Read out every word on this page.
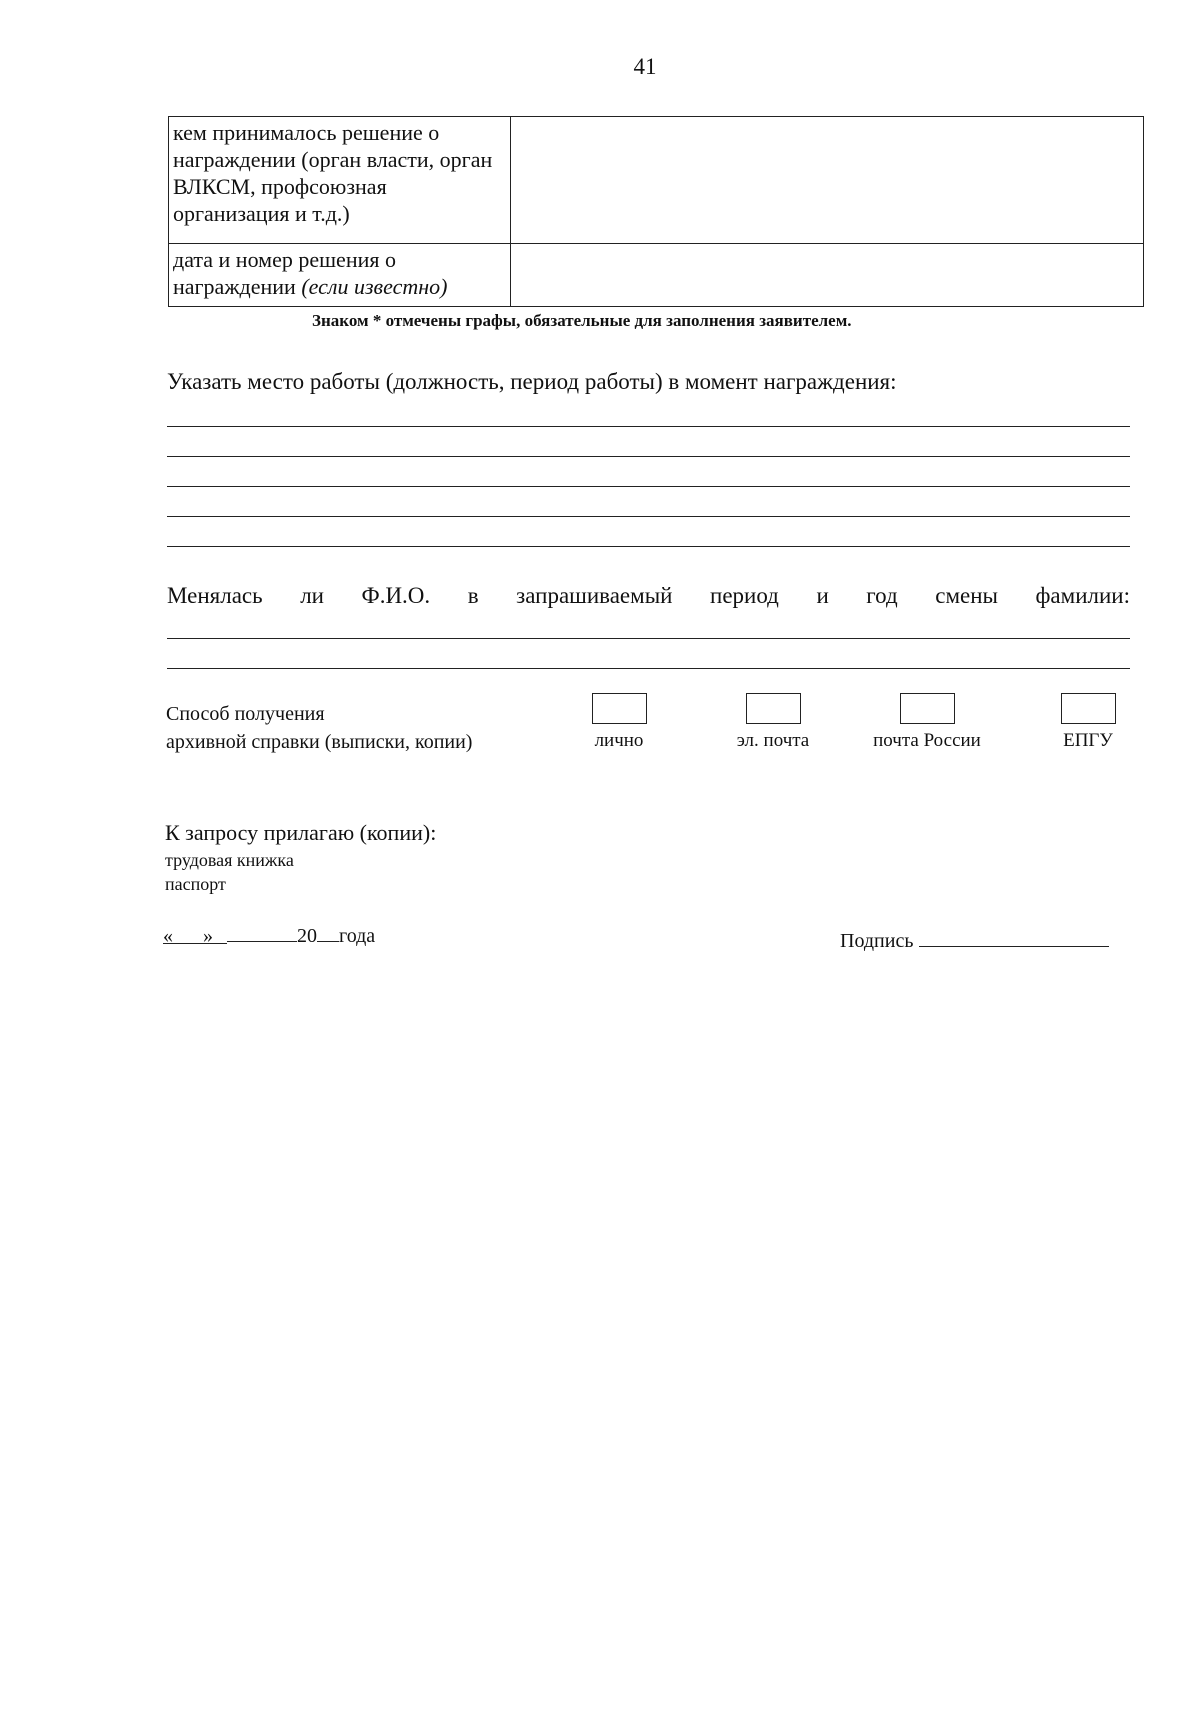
41
кем принималось решение о награждении (орган власти, орган ВЛКСМ, профсоюзная организация и т.д.)	
дата и номер решения о награждении (если известно)	
Знаком * отмечены графы, обязательные для заполнения заявителем.
Указать место работы (должность, период работы) в момент награждения:
Менялась ли Ф.И.О. в запрашиваемый период и год смены фамилии:
Способ получения
архивной справки (выписки, копии)	лично	эл. почта	почта России	ЕПГУ
К запросу прилагаю (копии):
трудовая книжка
паспорт
« »	20 года	Подпись
